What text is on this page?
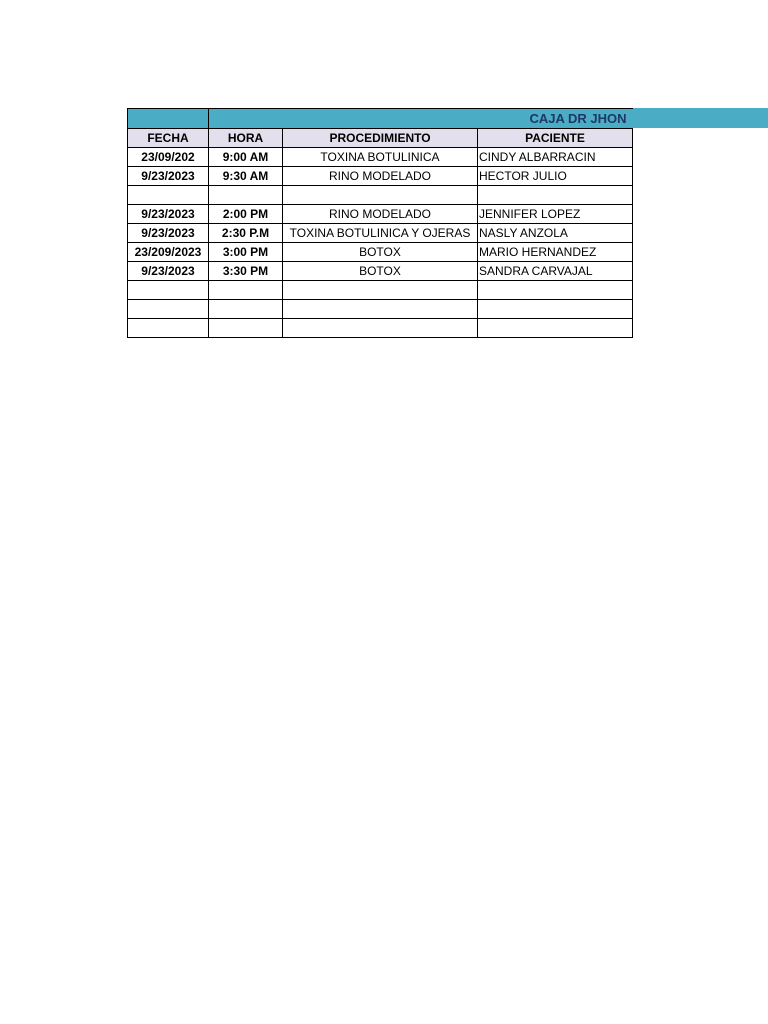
	CAJA DR JHON		
FECHA	HORA	PROCEDIMIENTO	PACIENTE
23/09/202	9:00 AM	TOXINA BOTULINICA	CINDY ALBARRACIN
9/23/2023	9:30 AM	RINO MODELADO	HECTOR JULIO

9/23/2023	2:00 PM	RINO MODELADO	JENNIFER LOPEZ
9/23/2023	2:30 P.M	TOXINA BOTULINICA Y OJERAS	NASLY ANZOLA
23/209/2023	3:00 PM	BOTOX	MARIO HERNANDEZ
9/23/2023	3:30 PM	BOTOX	SANDRA CARVAJAL
